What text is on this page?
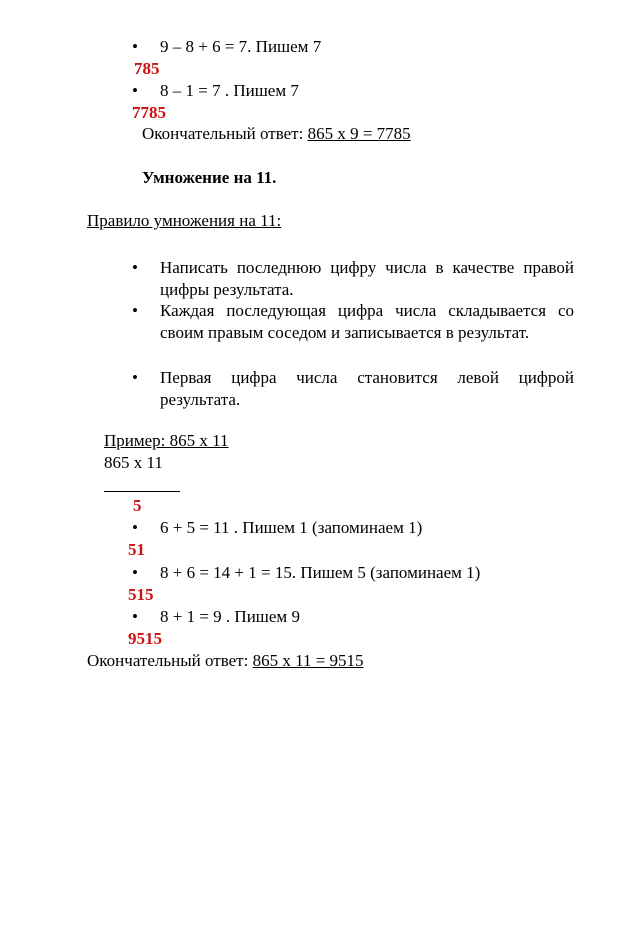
• 9 – 8 + 6 = 7. Пишем 7
785
• 8 – 1 = 7 . Пишем 7
7785
Окончательный ответ: 865 х 9 = 7785
Умножение на 11.
Правило умножения на 11:
• Написать последнюю цифру числа в качестве правой цифры результата.
• Каждая последующая цифра числа складывается со своим правым соседом и записывается в результат.
• Первая цифра числа становится левой цифрой результата.
Пример: 865 х 11
865 х 11
5
• 6 + 5 = 11 . Пишем 1 (запоминаем 1)
51
• 8 + 6 = 14 + 1 = 15. Пишем 5 (запоминаем 1)
515
• 8 + 1 = 9 . Пишем 9
9515
Окончательный ответ: 865 х 11 = 9515
